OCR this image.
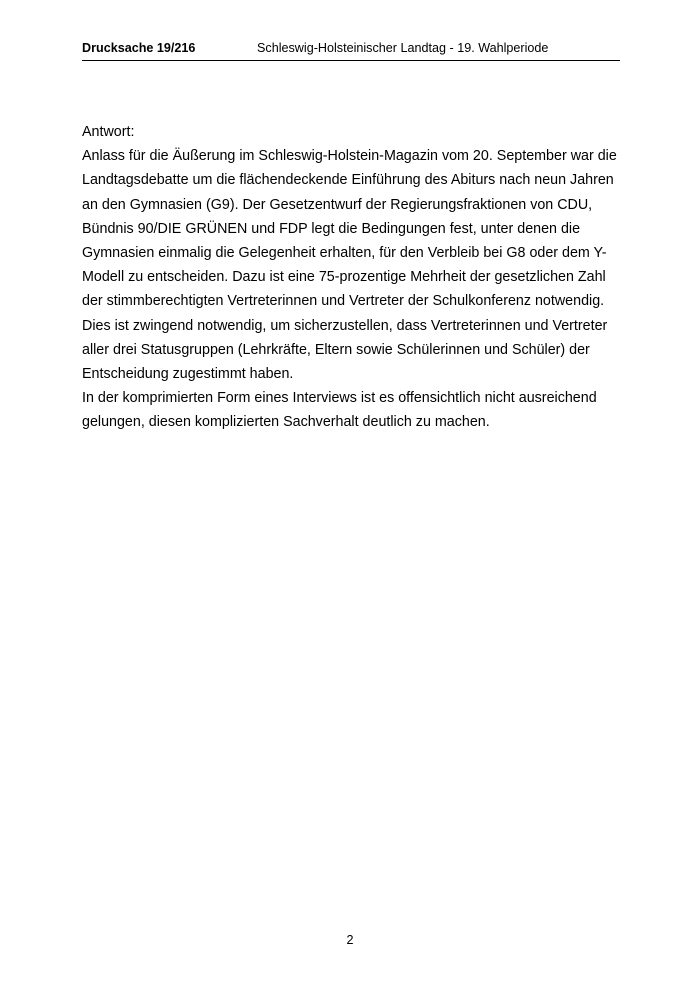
Drucksache 19/216	Schleswig-Holsteinischer Landtag - 19. Wahlperiode

Antwort:

Anlass für die Äußerung im Schleswig-Holstein-Magazin vom 20. September war die Landtagsdebatte um die flächendeckende Einführung des Abiturs nach neun Jahren an den Gymnasien (G9). Der Gesetzentwurf der Regierungsfraktionen von CDU, Bündnis 90/DIE GRÜNEN und FDP legt die Bedingungen fest, unter denen die Gymnasien einmalig die Gelegenheit erhalten, für den Verbleib bei G8 oder dem Y-Modell zu entscheiden. Dazu ist eine 75-prozentige Mehrheit der gesetzlichen Zahl der stimmberechtigten Vertreterinnen und Vertreter der Schulkonferenz notwendig. Dies ist zwingend notwendig, um sicherzustellen, dass Vertreterinnen und Vertreter aller drei Statusgruppen (Lehrkräfte, Eltern sowie Schülerinnen und Schüler) der Entscheidung zugestimmt haben.

In der komprimierten Form eines Interviews ist es offensichtlich nicht ausreichend gelungen, diesen komplizierten Sachverhalt deutlich zu machen.

2
